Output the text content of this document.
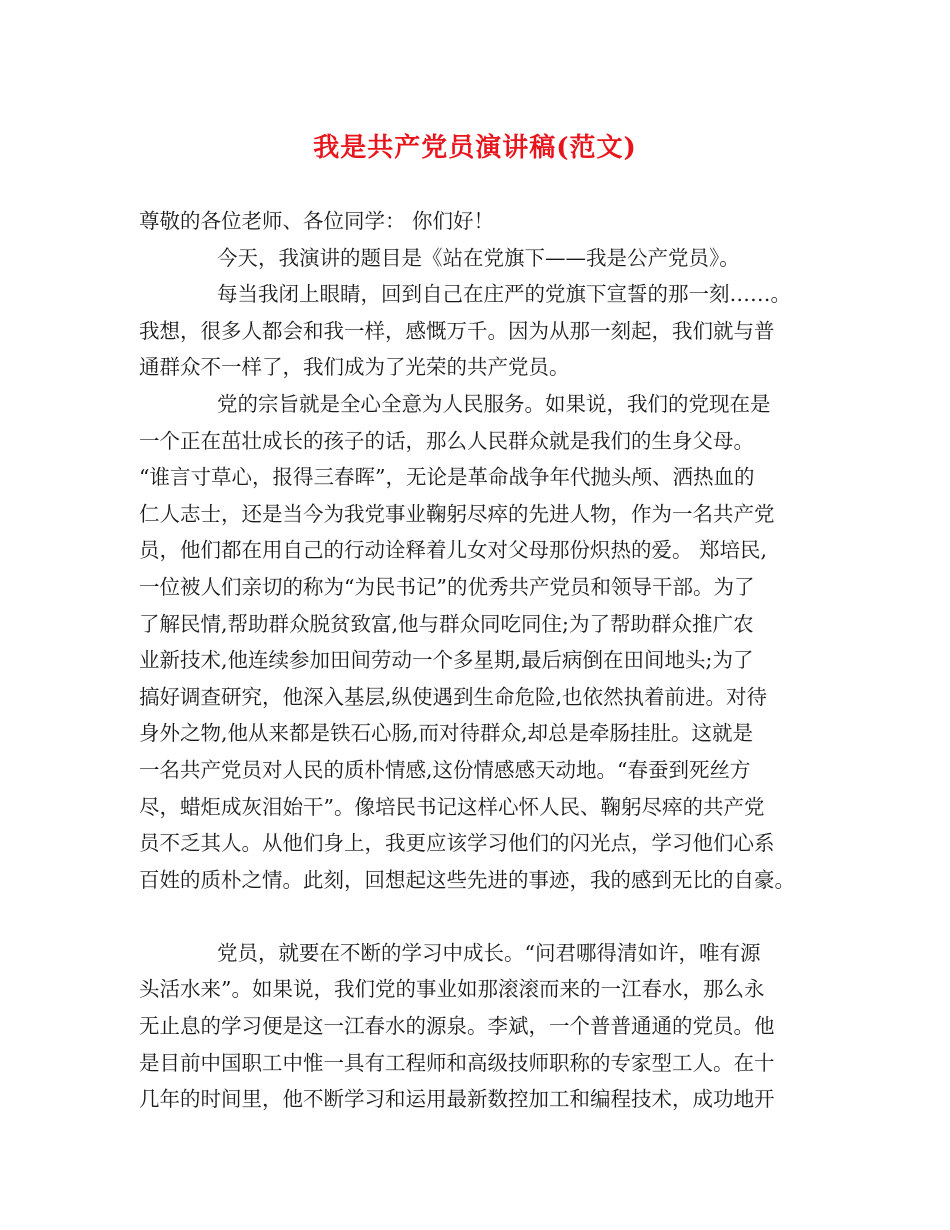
我是共产党员演讲稿(范文)
尊敬的各位老师、各位同学： 你们好！
今天，我演讲的题目是《站在党旗下——我是公产党员》。
每当我闭上眼睛，回到自己在庄严的党旗下宣誓的那一刻……。
我想，很多人都会和我一样，感慨万千。因为从那一刻起，我们就与普
通群众不一样了，我们成为了光荣的共产党员。
党的宗旨就是全心全意为人民服务。如果说，我们的党现在是
一个正在茁壮成长的孩子的话，那么人民群众就是我们的生身父母。
“谁言寸草心，报得三春晖”，无论是革命战争年代抛头颅、洒热血的
仁人志士，还是当今为我党事业鞠躬尽瘁的先进人物，作为一名共产党
员，他们都在用自己的行动诠释着儿女对父母那份炽热的爱。 郑培民,
一位被人们亲切的称为“为民书记”的优秀共产党员和领导干部。为了
了解民情,帮助群众脱贫致富,他与群众同吃同住;为了帮助群众推广农
业新技术,他连续参加田间劳动一个多星期,最后病倒在田间地头;为了
搞好调查研究，他深入基层,纵使遇到生命危险,也依然执着前进。对待
身外之物,他从来都是铁石心肠,而对待群众,却总是牵肠挂肚。这就是
一名共产党员对人民的质朴情感,这份情感感天动地。“春蚕到死丝方
尽，蜡炬成灰泪始干”。像培民书记这样心怀人民、鞠躬尽瘁的共产党
员不乏其人。从他们身上，我更应该学习他们的闪光点，学习他们心系
百姓的质朴之情。此刻，回想起这些先进的事迹，我的感到无比的自豪。
党员，就要在不断的学习中成长。“问君哪得清如许，唯有源
头活水来”。如果说，我们党的事业如那滚滚而来的一江春水，那么永
无止息的学习便是这一江春水的源泉。李斌，一个普普通通的党员。他
是目前中国职工中惟一具有工程师和高级技师职称的专家型工人。在十
几年的时间里，他不断学习和运用最新数控加工和编程技术，成功地开
